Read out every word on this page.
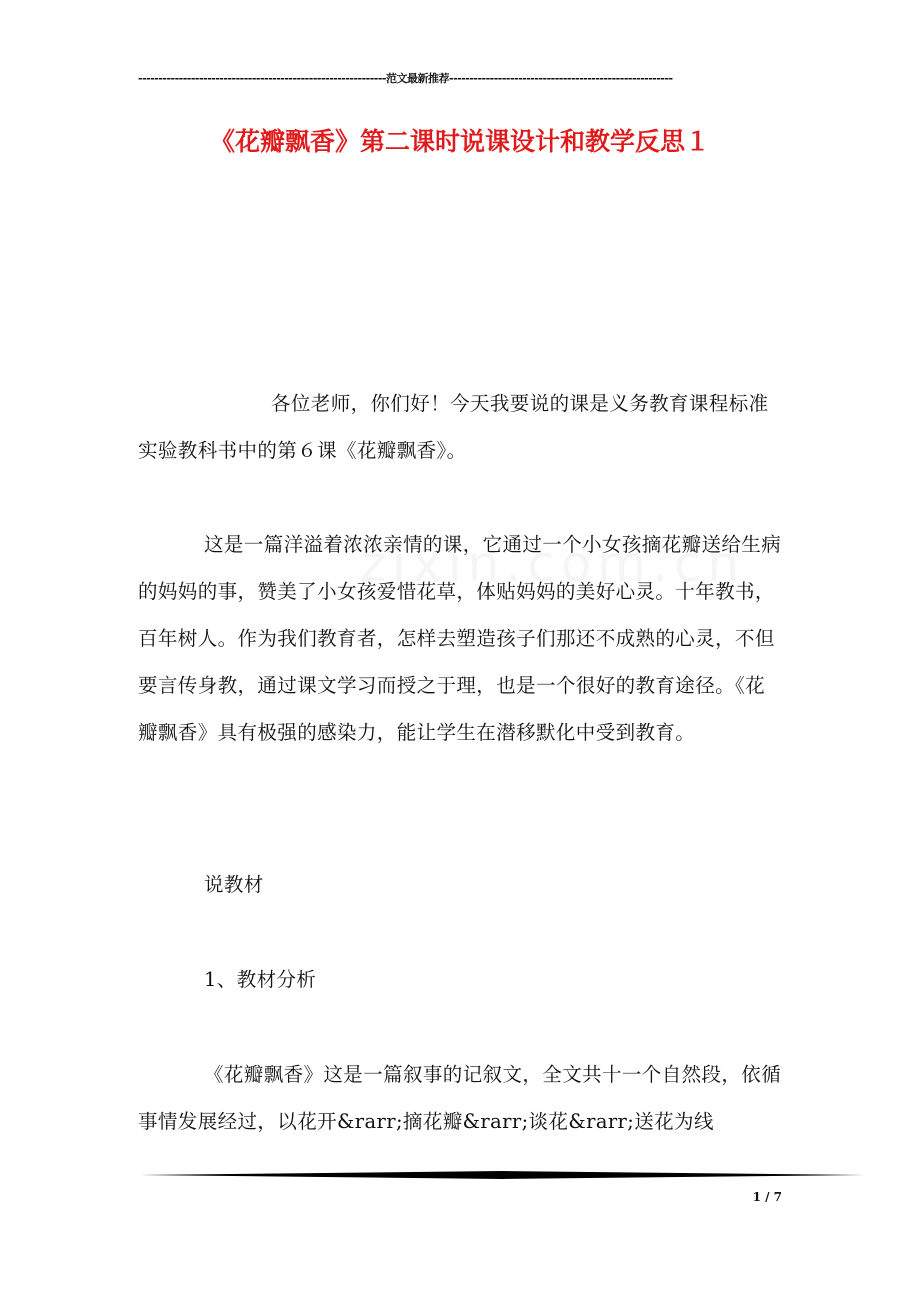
-------------------------------------------------------------范文最新推荐-------------------------------------------------------
《花瓣飘香》第二课时说课设计和教学反思１

各位老师，你们好！今天我要说的课是义务教育课程标准实验教科书中的第６课《花瓣飘香》。

这是一篇洋溢着浓浓亲情的课，它通过一个小女孩摘花瓣送给生病的妈妈的事，赞美了小女孩爱惜花草，体贴妈妈的美好心灵。十年教书，百年树人。作为我们教育者，怎样去塑造孩子们那还不成熟的心灵，不但要言传身教，通过课文学习而授之于理，也是一个很好的教育途径。《花瓣飘香》具有极强的感染力，能让学生在潜移默化中受到教育。

说教材

1、教材分析

《花瓣飘香》这是一篇叙事的记叙文，全文共十一个自然段，依循事情发展经过，以花开&rarr;摘花瓣&rarr;谈花&rarr;送花为线

1 / 7
